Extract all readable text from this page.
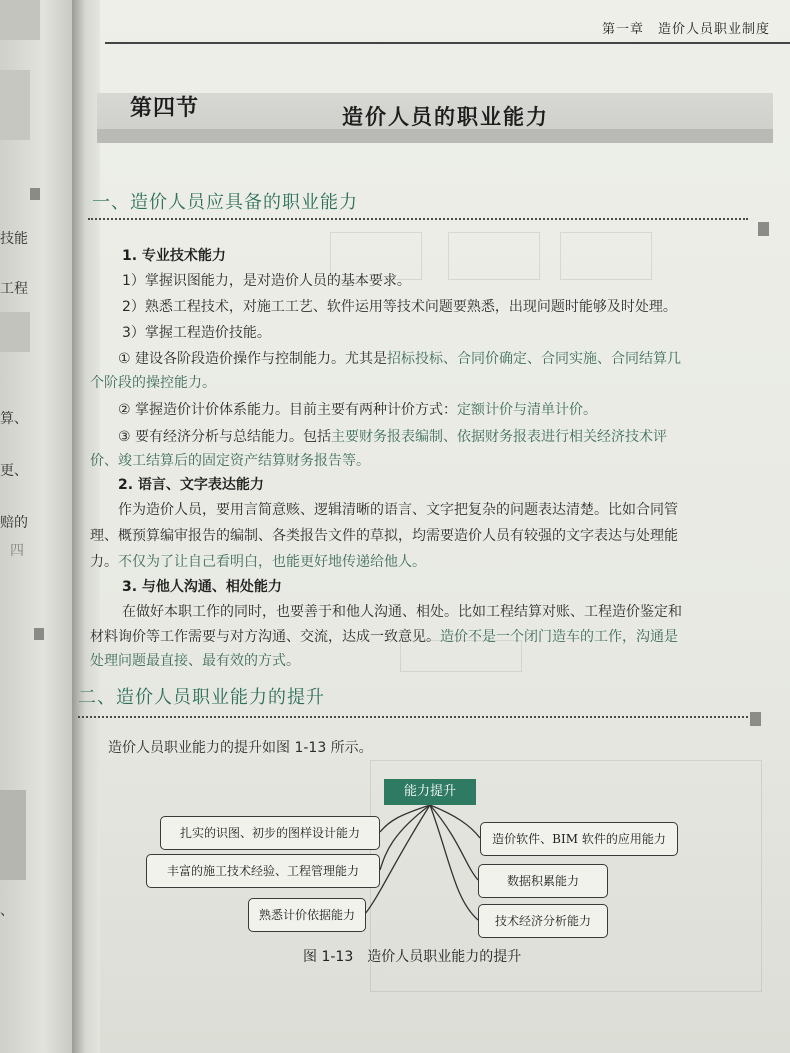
技能
工程
算、
更、
赔的
四
、
第一章　造价人员职业制度
第四节	造价人员的职业能力
一、造价人员应具备的职业能力
1. 专业技术能力
1）掌握识图能力，是对造价人员的基本要求。
2）熟悉工程技术，对施工工艺、软件运用等技术问题要熟悉，出现问题时能够及时处理。
3）掌握工程造价技能。
① 建设各阶段造价操作与控制能力。尤其是招标投标、合同价确定、合同实施、合同结算几
个阶段的操控能力。
② 掌握造价计价体系能力。目前主要有两种计价方式：定额计价与清单计价。
③ 要有经济分析与总结能力。包括主要财务报表编制、依据财务报表进行相关经济技术评
价、竣工结算后的固定资产结算财务报告等。
2. 语言、文字表达能力
作为造价人员，要用言简意赅、逻辑清晰的语言、文字把复杂的问题表达清楚。比如合同管
理、概预算编审报告的编制、各类报告文件的草拟，均需要造价人员有较强的文字表达与处理能
力。不仅为了让自己看明白，也能更好地传递给他人。
3. 与他人沟通、相处能力
在做好本职工作的同时，也要善于和他人沟通、相处。比如工程结算对账、工程造价鉴定和
材料询价等工作需要与对方沟通、交流，达成一致意见。造价不是一个闭门造车的工作，沟通是
处理问题最直接、最有效的方式。
二、造价人员职业能力的提升
造价人员职业能力的提升如图 1-13 所示。
能力提升
扎实的识图、初步的图样设计能力
丰富的施工技术经验、工程管理能力
熟悉计价依据能力
造价软件、BIM 软件的应用能力
数据积累能力
技术经济分析能力
图 1-13 造价人员职业能力的提升
